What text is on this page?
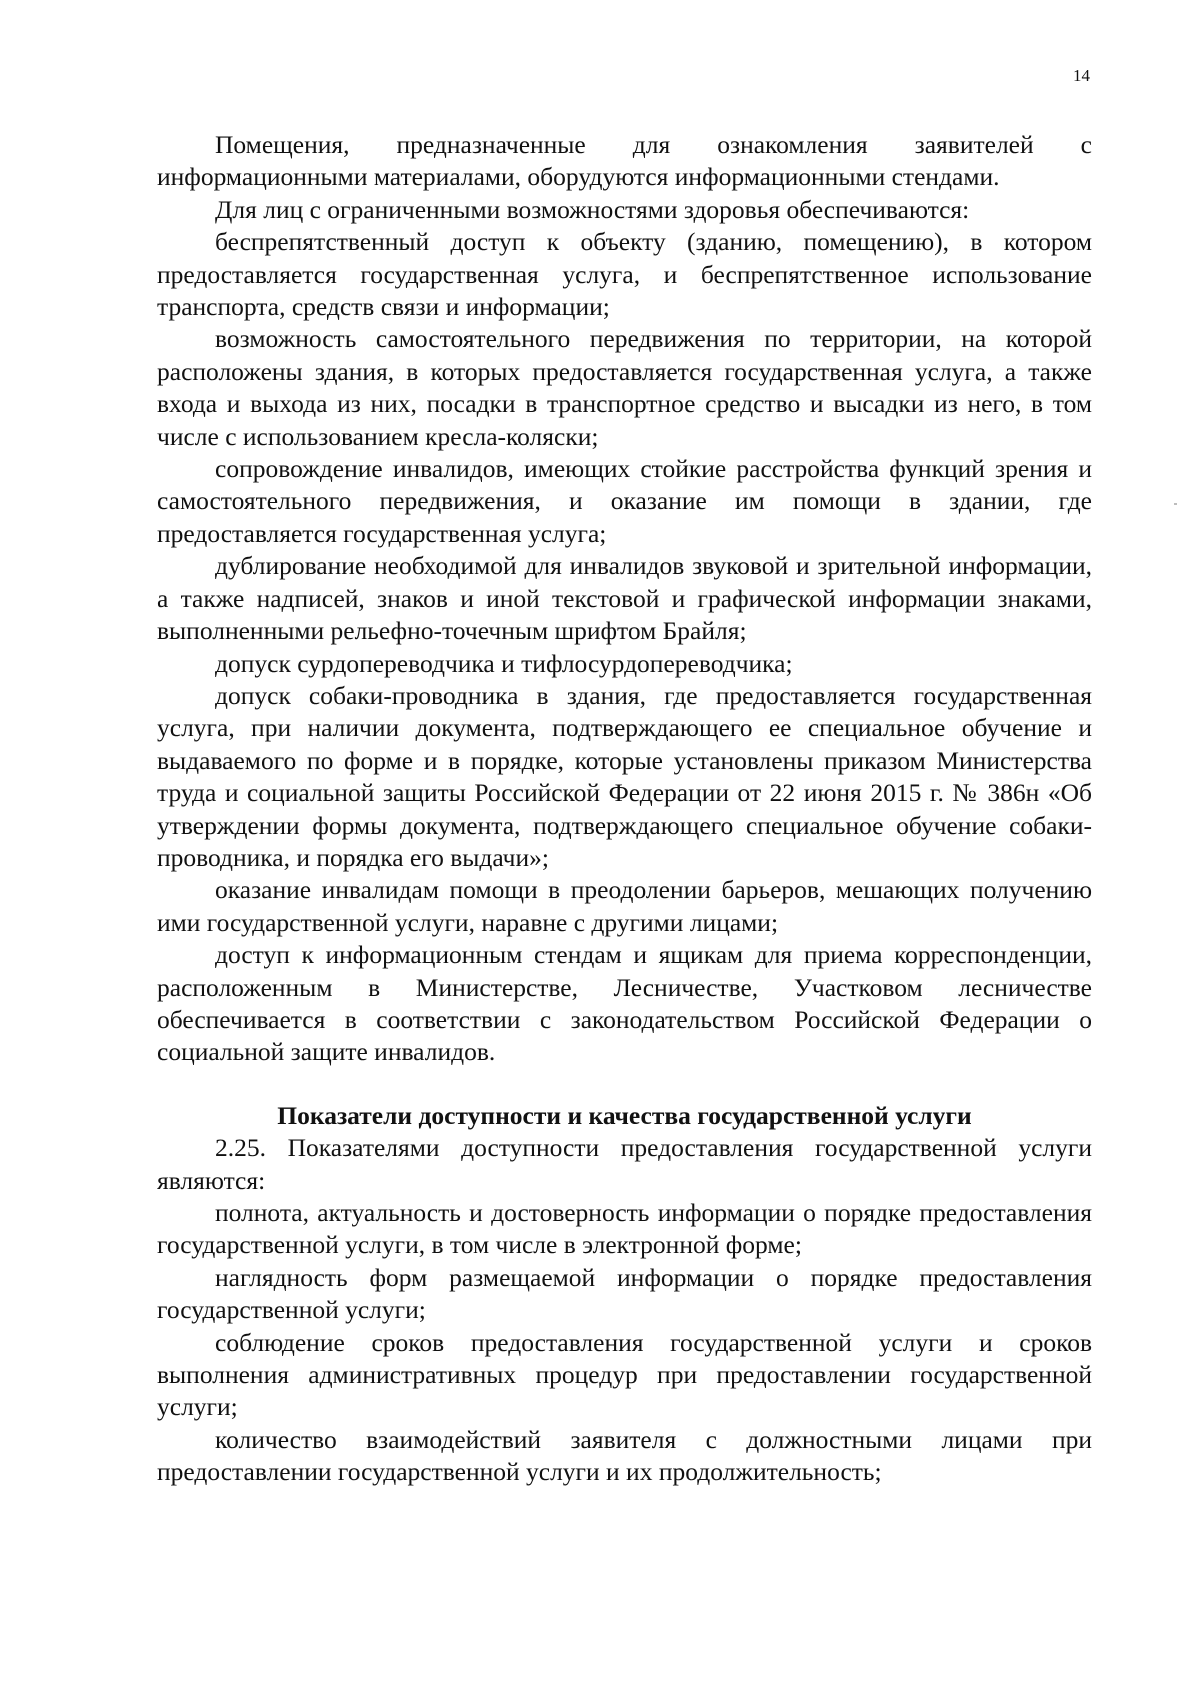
14

Помещения, предназначенные для ознакомления заявителей с информационными материалами, оборудуются информационными стендами.

Для лиц с ограниченными возможностями здоровья обеспечиваются:

беспрепятственный доступ к объекту (зданию, помещению), в котором предоставляется государственная услуга, и беспрепятственное использование транспорта, средств связи и информации;

возможность самостоятельного передвижения по территории, на которой расположены здания, в которых предоставляется государственная услуга, а также входа и выхода из них, посадки в транспортное средство и высадки из него, в том числе с использованием кресла-коляски;

сопровождение инвалидов, имеющих стойкие расстройства функций зрения и самостоятельного передвижения, и оказание им помощи в здании, где предоставляется государственная услуга;

дублирование необходимой для инвалидов звуковой и зрительной информации, а также надписей, знаков и иной текстовой и графической информации знаками, выполненными рельефно-точечным шрифтом Брайля;

допуск сурдопереводчика и тифлосурдопереводчика;

допуск собаки-проводника в здания, где предоставляется государственная услуга, при наличии документа, подтверждающего ее специальное обучение и выдаваемого по форме и в порядке, которые установлены приказом Министерства труда и социальной защиты Российской Федерации от 22 июня 2015 г. № 386н «Об утверждении формы документа, подтверждающего специальное обучение собаки-проводника, и порядка его выдачи»;

оказание инвалидам помощи в преодолении барьеров, мешающих получению ими государственной услуги, наравне с другими лицами;

доступ к информационным стендам и ящикам для приема корреспонденции, расположенным в Министерстве, Лесничестве, Участковом лесничестве обеспечивается в соответствии с законодательством Российской Федерации о социальной защите инвалидов.

Показатели доступности и качества государственной услуги

2.25. Показателями доступности предоставления государственной услуги являются:

полнота, актуальность и достоверность информации о порядке предоставления государственной услуги, в том числе в электронной форме;

наглядность форм размещаемой информации о порядке предоставления государственной услуги;

соблюдение сроков предоставления государственной услуги и сроков выполнения административных процедур при предоставлении государственной услуги;

количество взаимодействий заявителя с должностными лицами при предоставлении государственной услуги и их продолжительность;
